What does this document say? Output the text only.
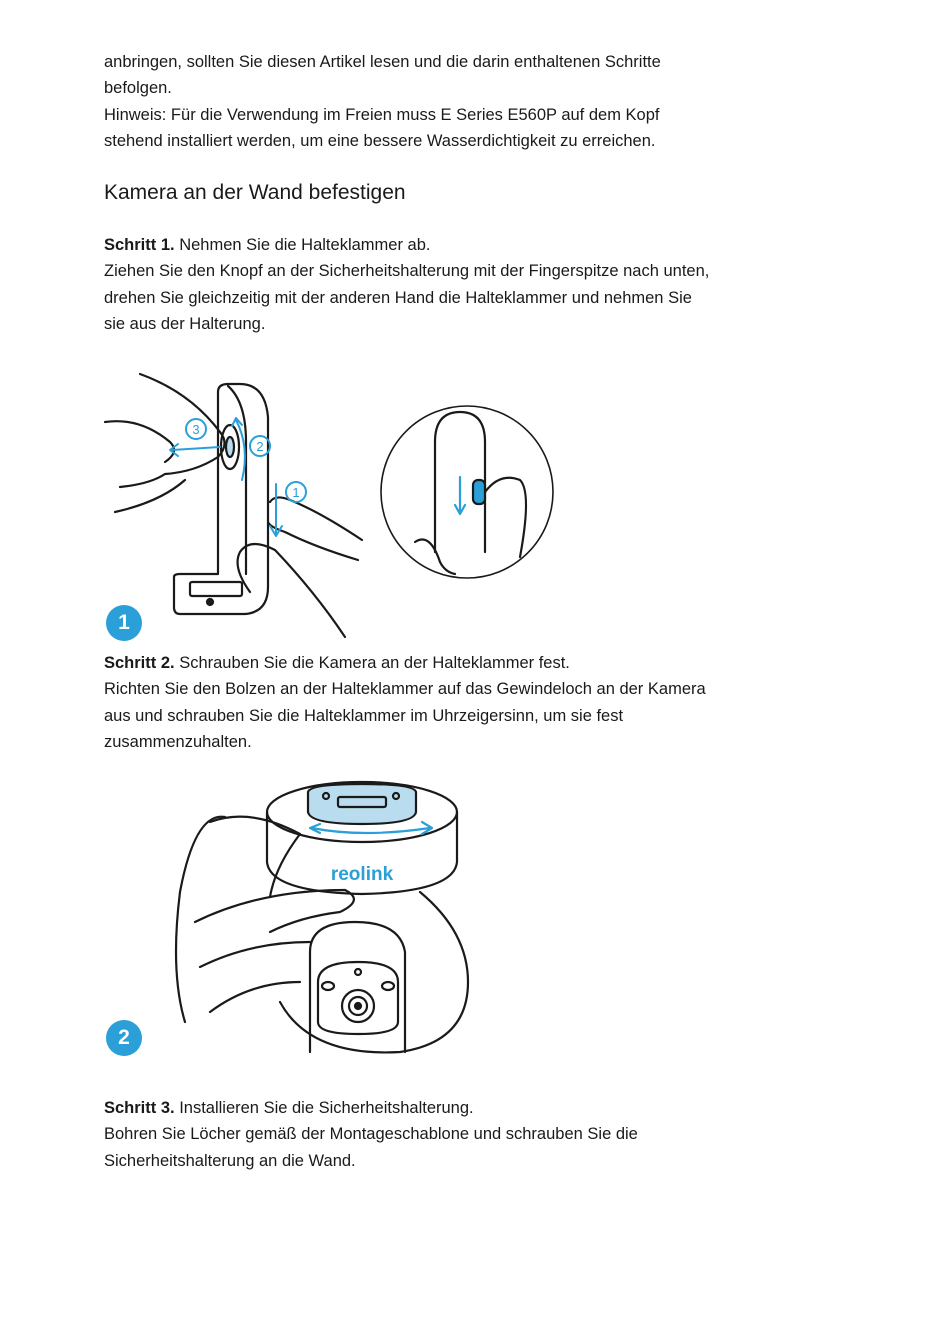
anbringen, sollten Sie diesen Artikel lesen und die darin enthaltenen Schritte
befolgen.
Hinweis: Für die Verwendung im Freien muss E Series E560P auf dem Kopf
stehend installiert werden, um eine bessere Wasserdichtigkeit zu erreichen.
Kamera an der Wand befestigen
Schritt 1. Nehmen Sie die Halteklammer ab.
Ziehen Sie den Knopf an der Sicherheitshalterung mit der Fingerspitze nach unten,
drehen Sie gleichzeitig mit der anderen Hand die Halteklammer und nehmen Sie
sie aus der Halterung.
3
2
1
1
Schritt 2. Schrauben Sie die Kamera an der Halteklammer fest.
Richten Sie den Bolzen an der Halteklammer auf das Gewindeloch an der Kamera
aus und schrauben Sie die Halteklammer im Uhrzeigersinn, um sie fest
zusammenzuhalten.
reolink
2
Schritt 3. Installieren Sie die Sicherheitshalterung.
Bohren Sie Löcher gemäß der Montageschablone und schrauben Sie die
Sicherheitshalterung an die Wand.
